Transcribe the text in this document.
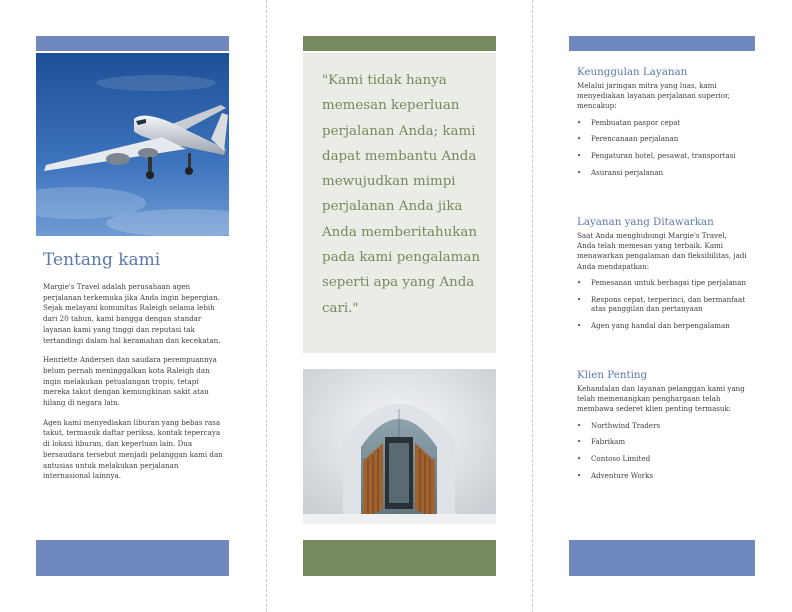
Tentang kami

Margie's Travel adalah perusahaan agen perjalanan terkemuka jika Anda ingin bepergian. Sejak melayani komunitas Raleigh selama lebih dari 20 tahun, kami bangga dengan standar layanan kami yang tinggi dan reputasi tak tertandingi dalam hal keramahan dan kecekatan.

Henriette Andersen dan saudara perempuannya belum pernah meninggalkan kota Raleigh dan ingin melakukan petualangan tropis, tetapi mereka takut dengan kemungkinan sakit atau hilang di negara lain.

Agen kami menyediakan liburan yang bebas rasa takut, termasuk daftar periksa, kontak tepercaya di lokasi liburan, dan keperluan lain. Dua bersaudara tersebut menjadi pelanggan kami dan antusias untuk melakukan perjalanan internasional lainnya.

"Kami tidak hanya memesan keperluan perjalanan Anda; kami dapat membantu Anda mewujudkan mimpi perjalanan Anda jika Anda memberitahukan pada kami pengalaman seperti apa yang Anda cari."

Keunggulan Layanan

Melalui jaringan mitra yang luas, kami menyediakan layanan perjalanan superior, mencakup:

• Pembuatan paspor cepat
• Perencanaan perjalanan
• Pengaturan hotel, pesawat, transportasi
• Asuransi perjalanan
Layanan yang Ditawarkan

Saat Anda menghubungi Margie's Travel, Anda telah memesan yang terbaik. Kami menawarkan pengalaman dan fleksibilitas, jadi Anda mendapatkan:

• Pemesanan untuk berbagai tipe perjalanan
• Respons cepat, terperinci, dan bermanfaat atas panggilan dan pertanyaan
• Agen yang handal dan berpengalaman
Klien Penting

Kehandalan dan layanan pelanggan kami yang telah memenangkan penghargaan telah membawa sederet klien penting termasuk:

• Northwind Traders
• Fabrikam
• Contoso Limited
• Adventure Works
